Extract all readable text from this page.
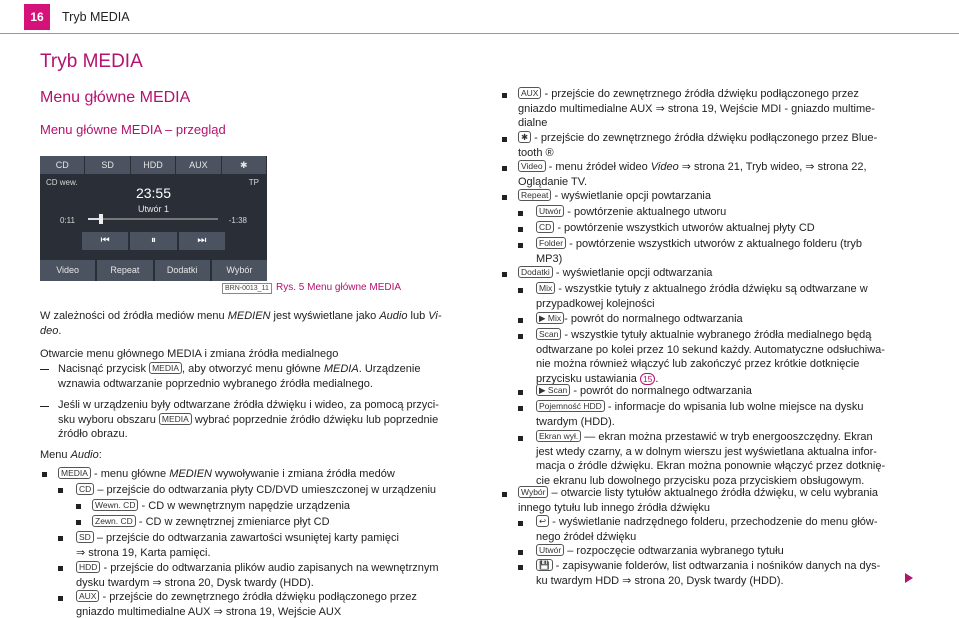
16	Tryb MEDIA
Tryb MEDIA
Menu główne MEDIA
Menu główne MEDIA – przegląd
CD	SD	HDD	AUX	✱
CD wew.	TP
23:55
Utwór 1
0:11	-1:38
⏮	⏸	⏭
Video	Repeat	Dodatki	Wybór
BRN-0013_11 Rys. 5 Menu główne MEDIA
W zależności od źródła mediów menu MEDIEN jest wyświetlane jako Audio lub Vi-
deo.
Otwarcie menu głównego MEDIA i zmiana źródła medialnego
Nacisnąć przycisk MEDIA , aby otworzyć menu główne MEDIA. Urządzenie
wznawia odtwarzanie poprzednio wybranego źródła medialnego.
Jeśli w urządzeniu były odtwarzane źródła dźwięku i wideo, za pomocą przyci-
sku wyboru obszaru MEDIA wybrać poprzednie źródło dźwięku lub poprzednie
źródło obrazu.
Menu Audio:
MEDIA - menu główne MEDIEN wywoływanie i zmiana źródła medów
CD – przejście do odtwarzania płyty CD/DVD umieszczonej w urządzeniu
Wewn. CD - CD w wewnętrznym napędzie urządzenia
Zewn. CD - CD w zewnętrznej zmieniarce płyt CD
SD – przejście do odtwarzania zawartości wsuniętej karty pamięci
⇒ strona 19, Karta pamięci.
HDD - przejście do odtwarzania plików audio zapisanych na wewnętrznym
dysku twardym ⇒ strona 20, Dysk twardy (HDD).
AUX - przejście do zewnętrznego źródła dźwięku podłączonego przez
gniazdo multimedialne AUX ⇒ strona 19, Wejście AUX
AUX - przejście do zewnętrznego źródła dźwięku podłączonego przez
gniazdo multimedialne AUX ⇒ strona 19, Wejście MDI - gniazdo multime-
dialne
✱ - przejście do zewnętrznego źródła dźwięku podłączonego przez Blue-
tooth ®
Video - menu źródeł wideo Video ⇒ strona 21, Tryb wideo, ⇒ strona 22,
Oglądanie TV.
Repeat - wyświetlanie opcji powtarzania
Utwór - powtórzenie aktualnego utworu
CD - powtórzenie wszystkich utworów aktualnej płyty CD
Folder - powtórzenie wszystkich utworów z aktualnego folderu (tryb
MP3)
Dodatki - wyświetlanie opcji odtwarzania
Mix - wszystkie tytuły z aktualnego źródła dźwięku są odtwarzane w
przypadkowej kolejności
▶ Mix - powrót do normalnego odtwarzania
Scan - wszystkie tytuły aktualnie wybranego źródła medialnego będą
odtwarzane po kolei przez 10 sekund każdy. Automatyczne odsłuchiwa-
nie można również włączyć lub zakończyć przez krótkie dotknięcie
przycisku ustawiania 15 .
▶ Scan - powrót do normalnego odtwarzania
Pojemność HDD - informacje do wpisania lub wolne miejsce na dysku
twardym (HDD).
Ekran wył. — ekran można przestawić w tryb energooszczędny. Ekran
jest wtedy czarny, a w dolnym wierszu jest wyświetlana aktualna infor-
macja o źródle dźwięku. Ekran można ponownie włączyć przez dotknię-
cie ekranu lub dowolnego przycisku poza przyciskiem obsługowym.
Wybór – otwarcie listy tytułów aktualnego źródła dźwięku, w celu wybrania
innego tytułu lub innego źródła dźwięku
↩ - wyświetlanie nadrzędnego folderu, przechodzenie do menu głów-
nego źródeł dźwięku
Utwór – rozpoczęcie odtwarzania wybranego tytułu
💾 - zapisywanie folderów, list odtwarzania i nośników danych na dys-
ku twardym HDD ⇒ strona 20, Dysk twardy (HDD).
